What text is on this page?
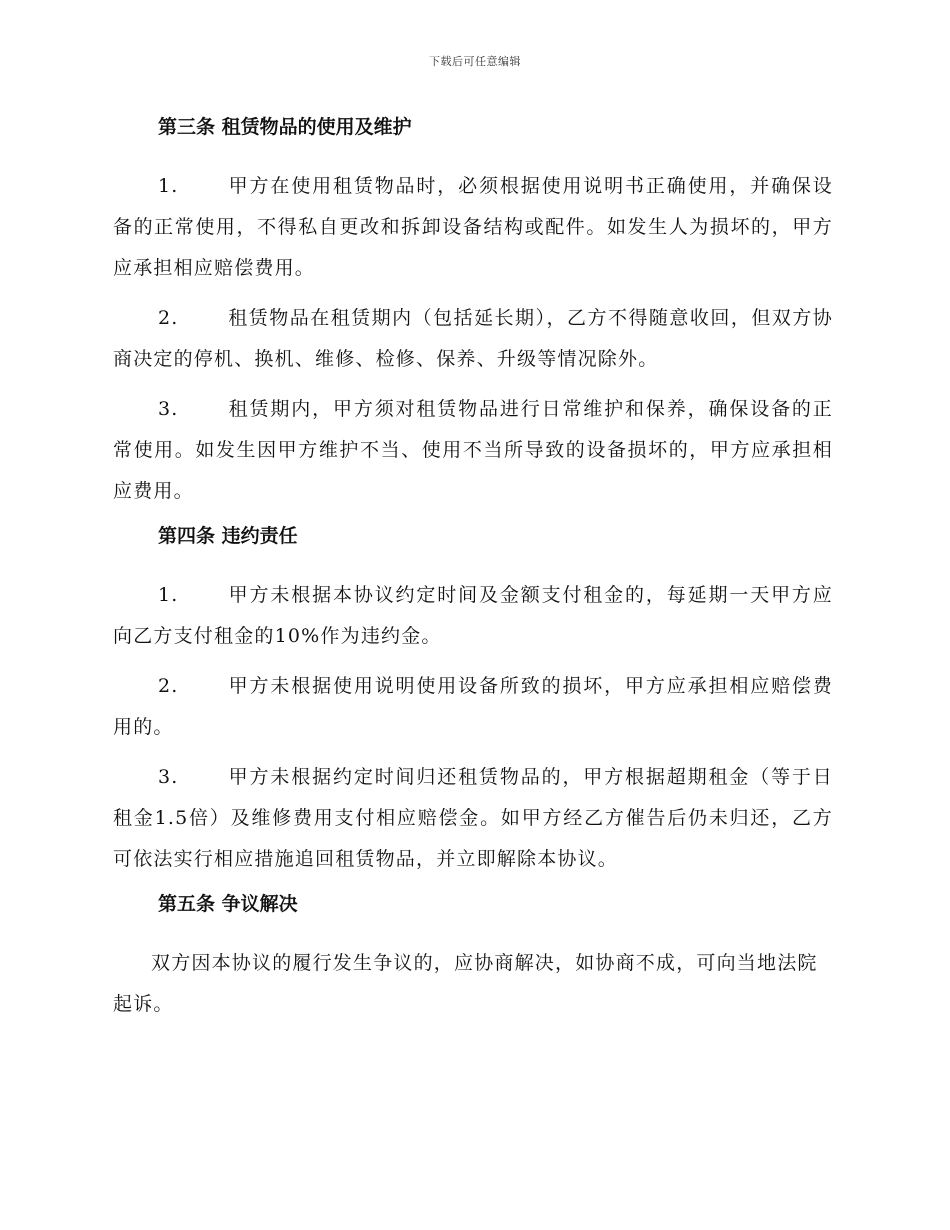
下载后可任意编辑
第三条 租赁物品的使用及维护
1.	甲方在使用租赁物品时，必须根据使用说明书正确使用，并确保设备的正常使用，不得私自更改和拆卸设备结构或配件。如发生人为损坏的，甲方应承担相应赔偿费用。
2.	租赁物品在租赁期内（包括延长期），乙方不得随意收回，但双方协商决定的停机、换机、维修、检修、保养、升级等情况除外。
3.	租赁期内，甲方须对租赁物品进行日常维护和保养，确保设备的正常使用。如发生因甲方维护不当、使用不当所导致的设备损坏的，甲方应承担相应费用。
第四条 违约责任
1.	甲方未根据本协议约定时间及金额支付租金的，每延期一天甲方应向乙方支付租金的10%作为违约金。
2.	甲方未根据使用说明使用设备所致的损坏，甲方应承担相应赔偿费用的。
3.	甲方未根据约定时间归还租赁物品的，甲方根据超期租金（等于日租金1.5倍）及维修费用支付相应赔偿金。如甲方经乙方催告后仍未归还，乙方可依法实行相应措施追回租赁物品，并立即解除本协议。
第五条 争议解决

双方因本协议的履行发生争议的，应协商解决，如协商不成，可向当地法院起诉。
